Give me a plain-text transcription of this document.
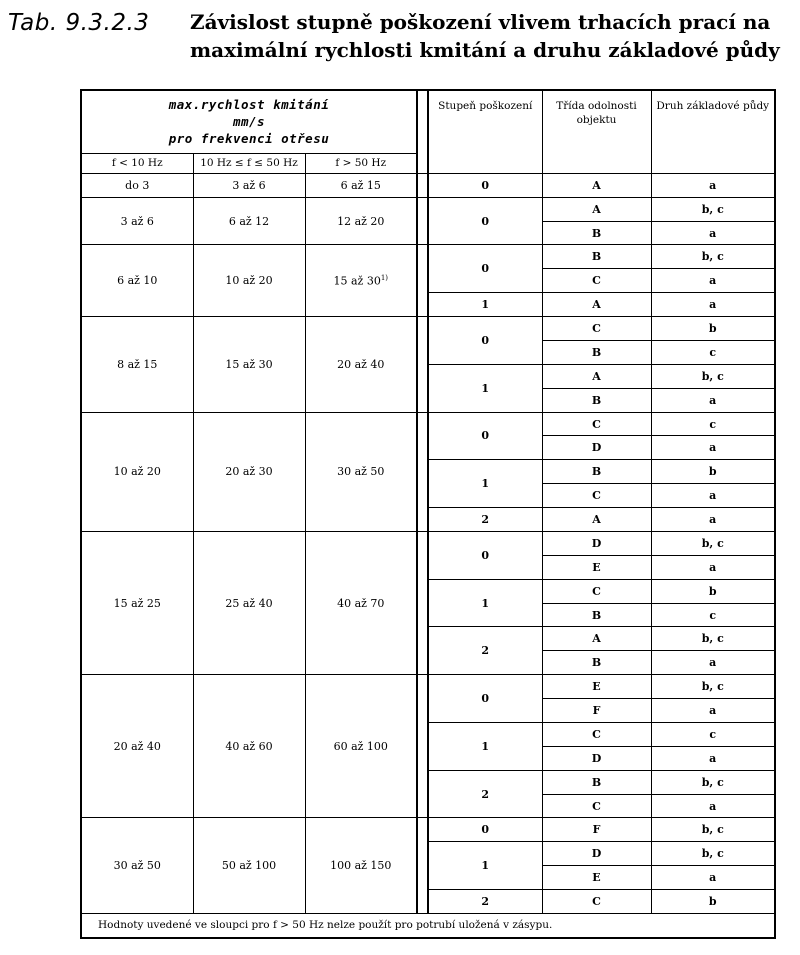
Tab. 9.3.2.3 Závislost stupně poškození vlivem trhacích prací na
maximální rychlosti kmitání a druhu základové půdy
max.rychlost kmitání
mm/s
pro frekvenci otřesu				Stupeň poškození	Třída odolnosti objektu	Druh základové půdy
f < 10 Hz	10 Hz ≤ f ≤ 50 Hz	f > 50 Hz				
do 3	3 až 6	6 až 15		0	A	a
3 až 6	6 až 12	12 až 20		0	A	b, c
					B	a
6 až 10	10 až 20	15 až 30$^{1)}$		0	B	b, c
					C	a
				1	A	a
8 až 15	15 až 30	20 až 40		0	C	b
					B	c
				1	A	b, c
					B	a
10 až 20	20 až 30	30 až 50		0	C	c
					D	a
				1	B	b
					C	a
				2	A	a
15 až 25	25 až 40	40 až 70		0	D	b, c
					E	a
				1	C	b
					B	c
				2	A	b, c
					B	a
20 až 40	40 až 60	60 až 100		0	E	b, c
					F	a
				1	C	c
					D	a
				2	B	b, c
					C	a
30 až 50	50 až 100	100 až 150		0	F	b, c
				1	D	b, c
					E	a
				2	C	b
Hodnoty uvedené ve sloupci pro f > 50 Hz nelze použít pro potrubí uložená v zásypu.						
